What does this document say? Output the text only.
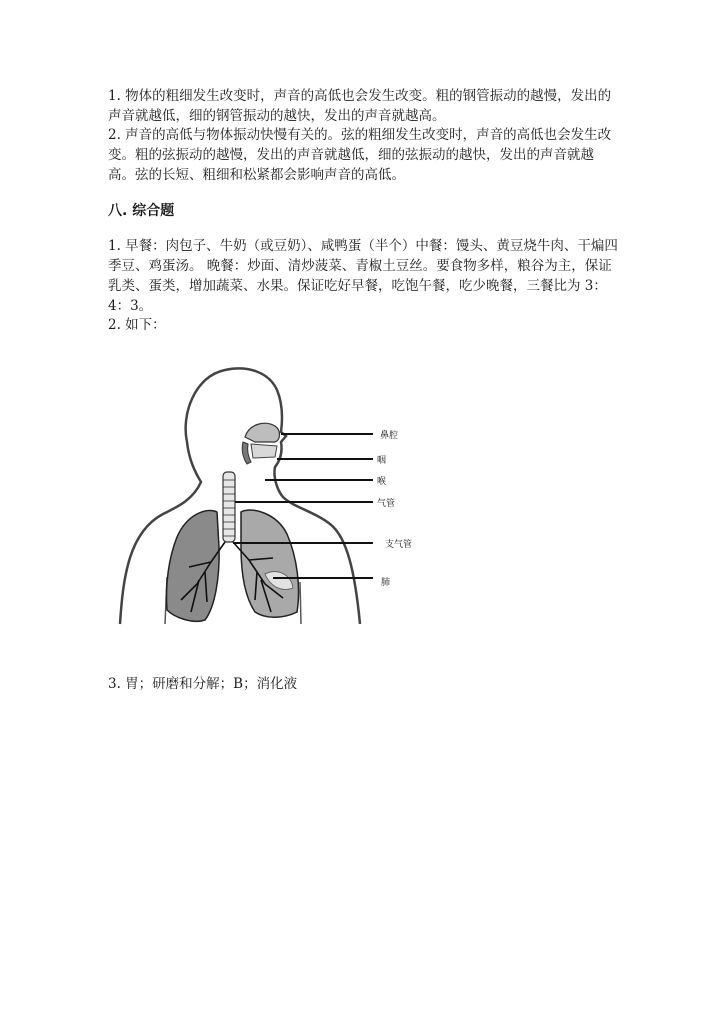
1. 物体的粗细发生改变时，声音的高低也会发生改变。粗的钢管振动的越慢，发出的声音就越低，细的钢管振动的越快，发出的声音就越高。

2. 声音的高低与物体振动快慢有关的。弦的粗细发生改变时，声音的高低也会发生改变。粗的弦振动的越慢，发出的声音就越低，细的弦振动的越快，发出的声音就越高。弦的长短、粗细和松紧都会影响声音的高低。

八. 综合题

1. 早餐：肉包子、牛奶（或豆奶）、咸鸭蛋（半个）中餐：馒头、黄豆烧牛肉、干煸四季豆、鸡蛋汤。 晚餐：炒面、清炒菠菜、青椒土豆丝。要食物多样，粮谷为主，保证乳类、蛋类，增加蔬菜、水果。保证吃好早餐，吃饱午餐，吃少晚餐，三餐比为 3：4：3。

2. 如下：

鼻腔
咽
喉
气管
支气管
肺

3. 胃；研磨和分解；B；消化液
